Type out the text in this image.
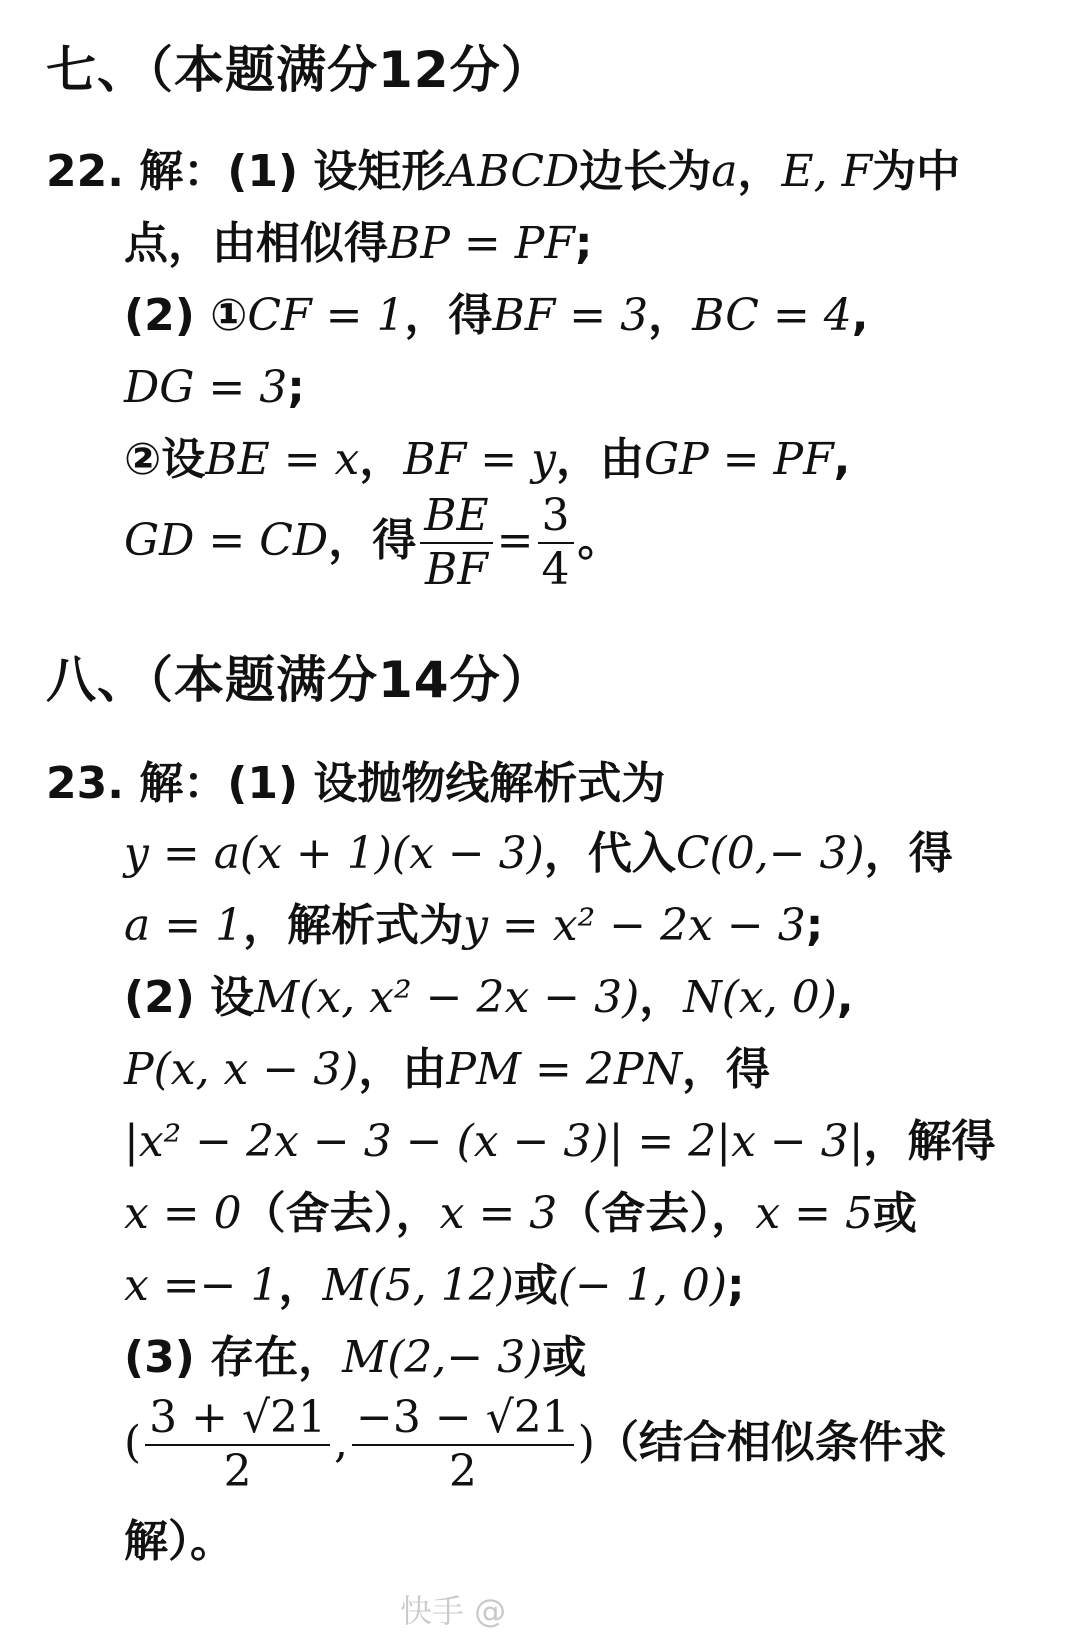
七、（本题满分12分）
22. 解：(1) 设矩形ABCD边长为a，E, F为中
点，由相似得BP = PF;
(2) ①CF = 1，得BF = 3，BC = 4,
DG = 3;
②设BE = x，BF = y，由GP = PF,
GD = CD，得 $\frac{BE}{BF} = \frac{3}{4}$ 。
八、（本题满分14分）
23. 解：(1) 设抛物线解析式为
y = a(x + 1)(x − 3)，代入C(0,− 3)，得
a = 1，解析式为y = x² − 2x − 3;
(2) 设M(x, x² − 2x − 3)，N(x, 0),
P(x, x − 3)，由PM = 2PN，得
|x² − 2x − 3 − (x − 3)| = 2|x − 3|，解得
x = 0（舍去），x = 3（舍去），x = 5或
x =− 1，M(5, 12)或(− 1, 0);
(3) 存在，M(2,− 3)或
( $\frac{3 + √21}{2}$ , $\frac{-3 - √21}{2}$ )（结合相似条件求
解）。
快手 @
